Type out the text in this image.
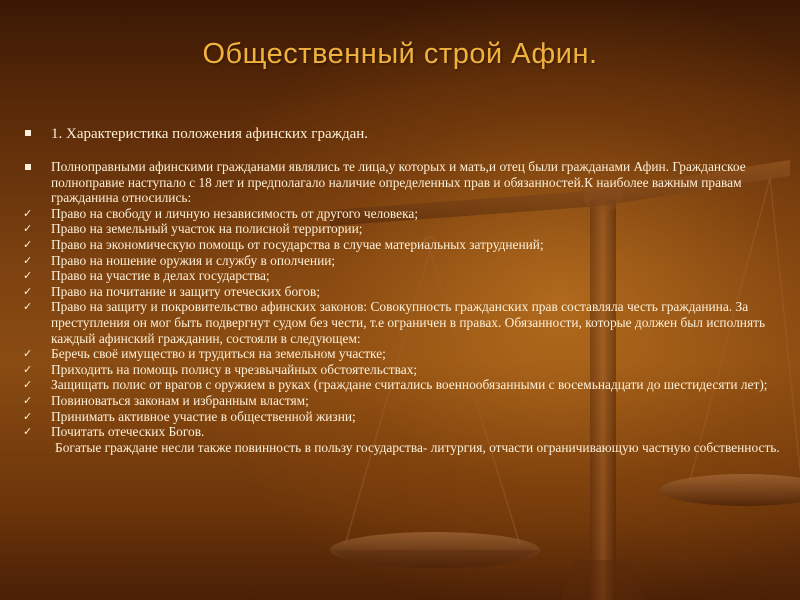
Общественный строй Афин.
1. Характеристика положения афинских граждан.
Полноправными афинскими гражданами являлись те лица,у которых и мать,и отец были гражданами Афин. Гражданское полноправие наступало с 18 лет и предполагало наличие определенных прав и обязанностей.К наиболее важным правам гражданина относились:
✓	Право на свободу и личную независимость от другого человека;
✓	Право на земельный участок на полисной территории;
✓	Право на экономическую помощь от государства в случае материальных затруднений;
✓	Право на ношение оружия и службу в ополчении;
✓	Право на участие в делах государства;
✓	Право на почитание и защиту отеческих богов;
✓	Право на защиту и покровительство афинских законов: Совокупность гражданских прав составляла честь гражданина. За преступления он мог быть подвергнут судом без чести, т.е ограничен в правах. Обязанности, которые должен был исполнять каждый афинский гражданин, состояли в следующем:
✓	Беречь своё имущество и трудиться на земельном участке;
✓	Приходить на помощь полису в чрезвычайных обстоятельствах;
✓	Защищать полис от врагов с оружием в руках (граждане считались военнообязанными с восемьнадцати до шестидесяти лет);
✓	Повиноваться законам и избранным властям;
✓	Принимать активное участие в общественной жизни;
✓	Почитать отеческих Богов.
Богатые граждане несли также повинность в пользу государства- литургия, отчасти ограничивающую частную собственность.
